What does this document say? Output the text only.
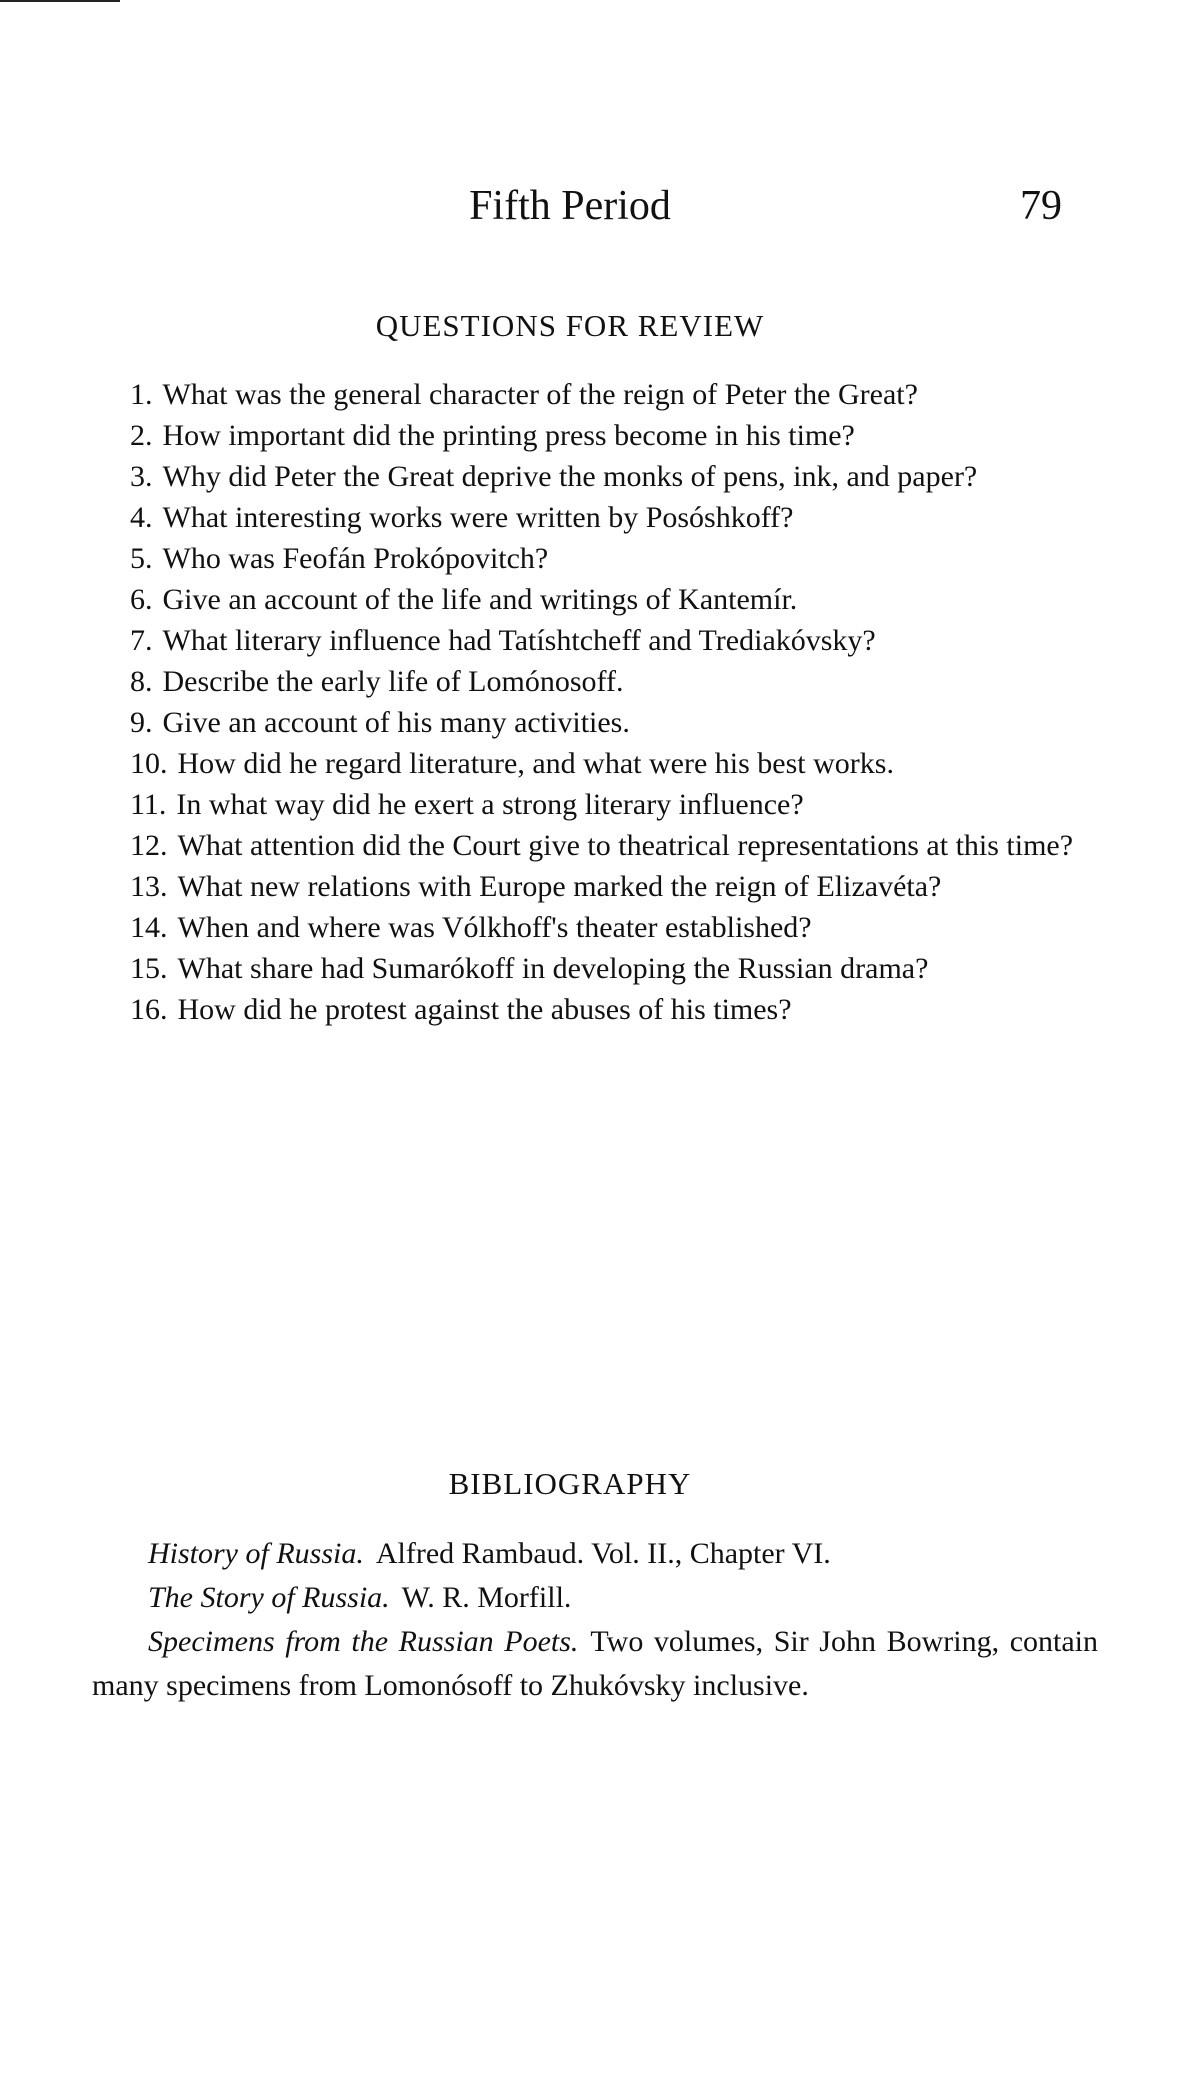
Fifth Period	79
QUESTIONS FOR REVIEW

1. What was the general character of the reign of Peter the Great?

2. How important did the printing press become in his time?

3. Why did Peter the Great deprive the monks of pens, ink, and paper?

4. What interesting works were written by Posóshkoff?

5. Who was Feofán Prokópovitch?

6. Give an account of the life and writings of Kantemír.

7. What literary influence had Tatíshtcheff and Trediakóvsky?

8. Describe the early life of Lomónosoff.

9. Give an account of his many activities.

10. How did he regard literature, and what were his best works.

11. In what way did he exert a strong literary influence?

12. What attention did the Court give to theatrical representations at this time?

13. What new relations with Europe marked the reign of Elizavéta?

14. When and where was Vólkhoff's theater established?

15. What share had Sumarókoff in developing the Russian drama?

16. How did he protest against the abuses of his times?

BIBLIOGRAPHY

History of Russia. Alfred Rambaud. Vol. II., Chapter VI.

The Story of Russia. W. R. Morfill.

Specimens from the Russian Poets. Two volumes, Sir John Bowring, contain many specimens from Lomonósoff to Zhukóvsky inclusive.
